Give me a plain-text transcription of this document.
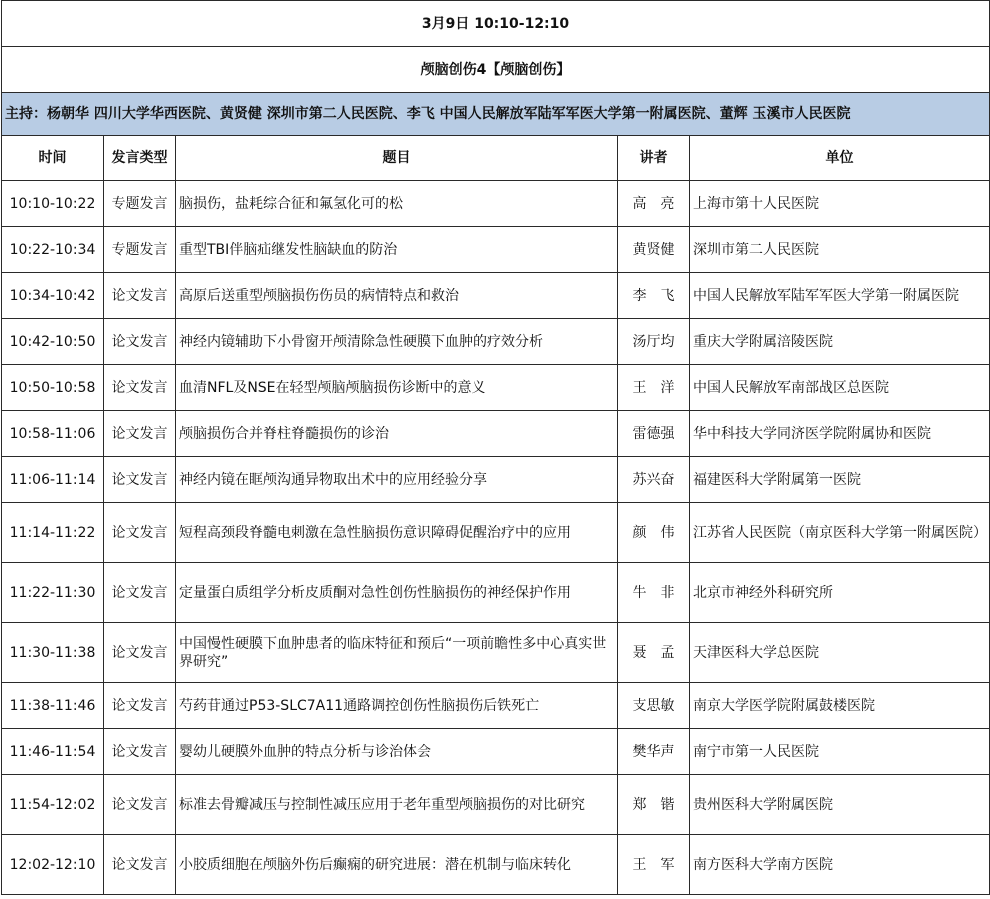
3月9日 10:10-12:10				
颅脑创伤4【颅脑创伤】				
主持：杨朝华 四川大学华西医院、黄贤健 深圳市第二人民医院、李飞 中国人民解放军陆军军医大学第一附属医院、董辉 玉溪市人民医院				
时间	发言类型	题目	讲者	单位
10:10-10:22	专题发言	脑损伤，盐耗综合征和氟氢化可的松	高　亮	上海市第十人民医院
10:22-10:34	专题发言	重型TBI伴脑疝继发性脑缺血的防治	黄贤健	深圳市第二人民医院
10:34-10:42	论文发言	高原后送重型颅脑损伤伤员的病情特点和救治	李　飞	中国人民解放军陆军军医大学第一附属医院
10:42-10:50	论文发言	神经内镜辅助下小骨窗开颅清除急性硬膜下血肿的疗效分析	汤厅均	重庆大学附属涪陵医院
10:50-10:58	论文发言	血清NFL及NSE在轻型颅脑颅脑损伤诊断中的意义	王　洋	中国人民解放军南部战区总医院
10:58-11:06	论文发言	颅脑损伤合并脊柱脊髓损伤的诊治	雷德强	华中科技大学同济医学院附属协和医院
11:06-11:14	论文发言	神经内镜在眶颅沟通异物取出术中的应用经验分享	苏兴奋	福建医科大学附属第一医院
11:14-11:22	论文发言	短程高颈段脊髓电刺激在急性脑损伤意识障碍促醒治疗中的应用	颜　伟	江苏省人民医院（南京医科大学第一附属医院）
11:22-11:30	论文发言	定量蛋白质组学分析皮质酮对急性创伤性脑损伤的神经保护作用	牛　非	北京市神经外科研究所
11:30-11:38	论文发言	中国慢性硬膜下血肿患者的临床特征和预后“一项前瞻性多中心真实世界研究”	聂　孟	天津医科大学总医院
11:38-11:46	论文发言	芍药苷通过P53-SLC7A11通路调控创伤性脑损伤后铁死亡	支思敏	南京大学医学院附属鼓楼医院
11:46-11:54	论文发言	婴幼儿硬膜外血肿的特点分析与诊治体会	樊华声	南宁市第一人民医院
11:54-12:02	论文发言	标准去骨瓣减压与控制性减压应用于老年重型颅脑损伤的对比研究	郑　锴	贵州医科大学附属医院
12:02-12:10	论文发言	小胶质细胞在颅脑外伤后癫痫的研究进展：潜在机制与临床转化	王　军	南方医科大学南方医院
